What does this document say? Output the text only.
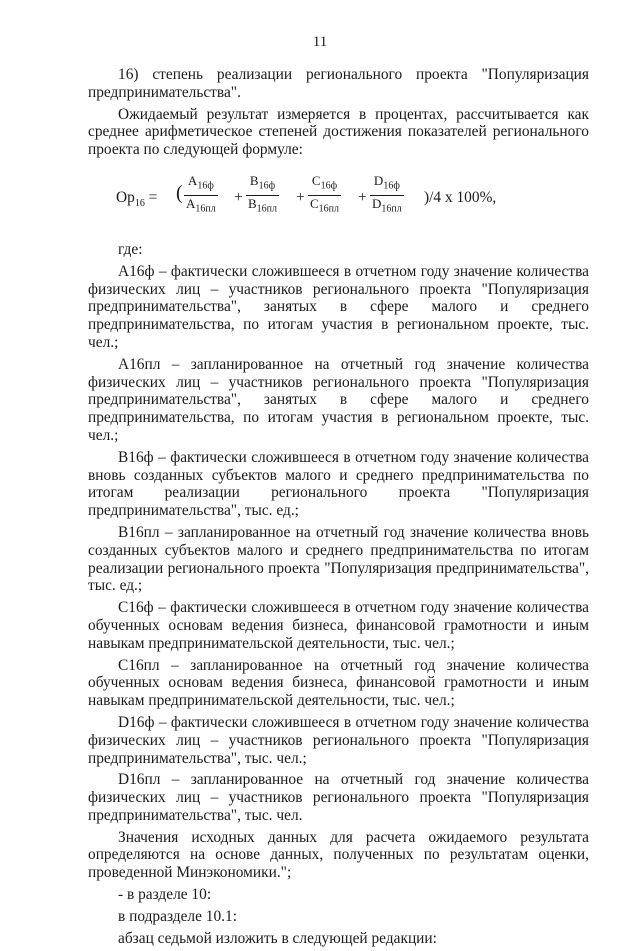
11

16) степень реализации регионального проекта "Популяризация предпринимательства".

Ожидаемый результат измеряется в процентах, рассчитывается как среднее арифметическое степеней достижения показателей регионального проекта по следующей формуле:

$Ор_{16}$ = (
$A_{16ф}$
$A_{16пл}$
+
$B_{16ф}$
$B_{16пл}$
+
$C_{16ф}$
$C_{16пл}$
+
$D_{16ф}$
$D_{16пл}$
)/4 x 100%,

где:

А16ф – фактически сложившееся в отчетном году значение количества физических лиц – участников регионального проекта "Популяризация предпринимательства", занятых в сфере малого и среднего предпринимательства, по итогам участия в региональном проекте, тыс. чел.;

А16пл – запланированное на отчетный год значение количества физических лиц – участников регионального проекта "Популяризация предпринимательства", занятых в сфере малого и среднего предпринимательства, по итогам участия в региональном проекте, тыс. чел.;

В16ф – фактически сложившееся в отчетном году значение количества вновь созданных субъектов малого и среднего предпринимательства по итогам реализации регионального проекта "Популяризация предпринимательства", тыс. ед.;

В16пл – запланированное на отчетный год значение количества вновь созданных субъектов малого и среднего предпринимательства по итогам реализации регионального проекта "Популяризация предпринимательства", тыс. ед.;

С16ф – фактически сложившееся в отчетном году значение количества обученных основам ведения бизнеса, финансовой грамотности и иным навыкам предпринимательской деятельности, тыс. чел.;

С16пл – запланированное на отчетный год значение количества обученных основам ведения бизнеса, финансовой грамотности и иным навыкам предпринимательской деятельности, тыс. чел.;

D16ф – фактически сложившееся в отчетном году значение количества физических лиц – участников регионального проекта "Популяризация предпринимательства", тыс. чел.;

D16пл – запланированное на отчетный год значение количества физических лиц – участников регионального проекта "Популяризация предпринимательства", тыс. чел.

Значения исходных данных для расчета ожидаемого результата определяются на основе данных, полученных по результатам оценки, проведенной Минэкономики.";

- в разделе 10:

в подразделе 10.1:

абзац седьмой изложить в следующей редакции:
